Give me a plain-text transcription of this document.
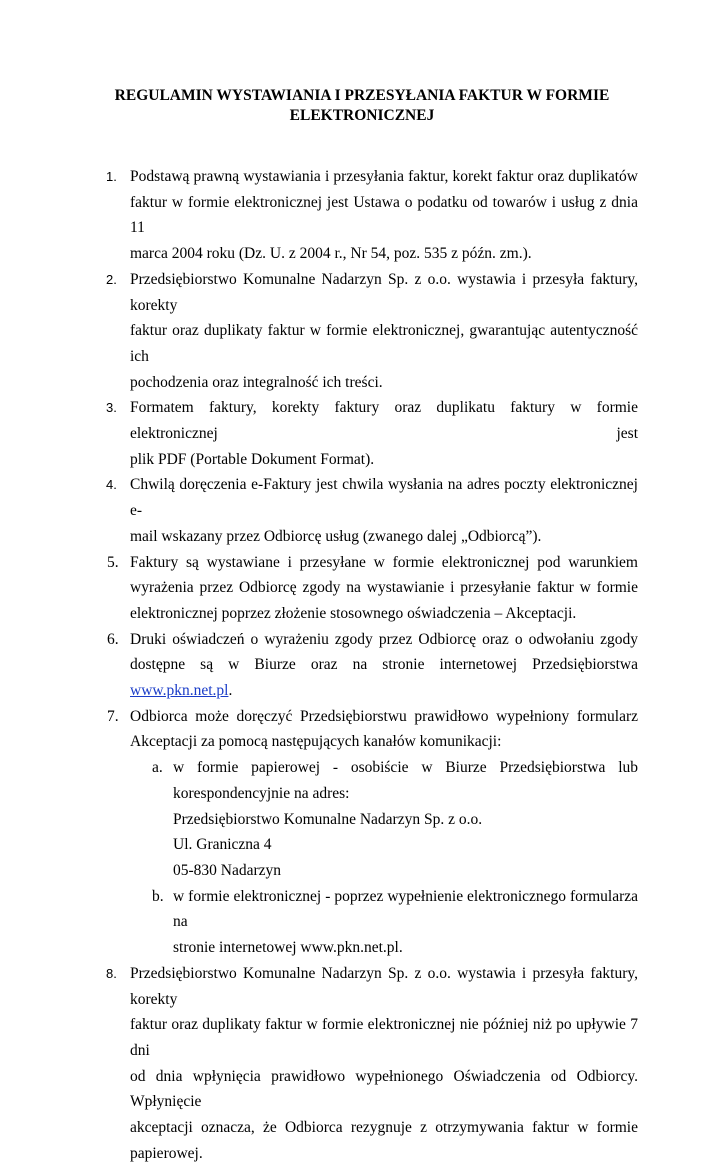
REGULAMIN WYSTAWIANIA I PRZESYŁANIA FAKTUR W FORMIE
ELEKTRONICZNEJ
1. Podstawą prawną wystawiania i przesyłania faktur, korekt faktur oraz duplikatów

faktur w formie elektronicznej jest Ustawa o podatku od towarów i usług z dnia 11

marca 2004 roku (Dz. U. z 2004 r., Nr 54, poz. 535 z późn. zm.).

2. Przedsiębiorstwo Komunalne Nadarzyn Sp. z o.o. wystawia i przesyła faktury, korekty

faktur oraz duplikaty faktur w formie elektronicznej, gwarantując autentyczność ich

pochodzenia oraz integralność ich treści.

3. Formatem faktury, korekty faktury oraz duplikatu faktury w formie elektronicznej jest

plik PDF (Portable Dokument Format).

4. Chwilą doręczenia e-Faktury jest chwila wysłania na adres poczty elektronicznej e-

mail wskazany przez Odbiorcę usług (zwanego dalej „Odbiorcą”).

5. Faktury są wystawiane i przesyłane w formie elektronicznej pod warunkiem

wyrażenia przez Odbiorcę zgody na wystawianie i przesyłanie faktur w formie

elektronicznej poprzez złożenie stosownego oświadczenia – Akceptacji.

6. Druki oświadczeń o wyrażeniu zgody przez Odbiorcę oraz o odwołaniu zgody

dostępne są w Biurze oraz na stronie internetowej Przedsiębiorstwa www.pkn.net.pl.

7. Odbiorca może doręczyć Przedsiębiorstwu prawidłowo wypełniony formularz

Akceptacji za pomocą następujących kanałów komunikacji:

a. w formie papierowej - osobiście w Biurze Przedsiębiorstwa lub

korespondencyjnie na adres:

Przedsiębiorstwo Komunalne Nadarzyn Sp. z o.o.
Ul. Graniczna 4
05-830 Nadarzyn
b. w formie elektronicznej - poprzez wypełnienie elektronicznego formularza na

stronie internetowej www.pkn.net.pl.

8. Przedsiębiorstwo Komunalne Nadarzyn Sp. z o.o. wystawia i przesyła faktury, korekty

faktur oraz duplikaty faktur w formie elektronicznej nie później niż po upływie 7 dni

od dnia wpłynięcia prawidłowo wypełnionego Oświadczenia od Odbiorcy. Wpłynięcie

akceptacji oznacza, że Odbiorca rezygnuje z otrzymywania faktur w formie

papierowej.
